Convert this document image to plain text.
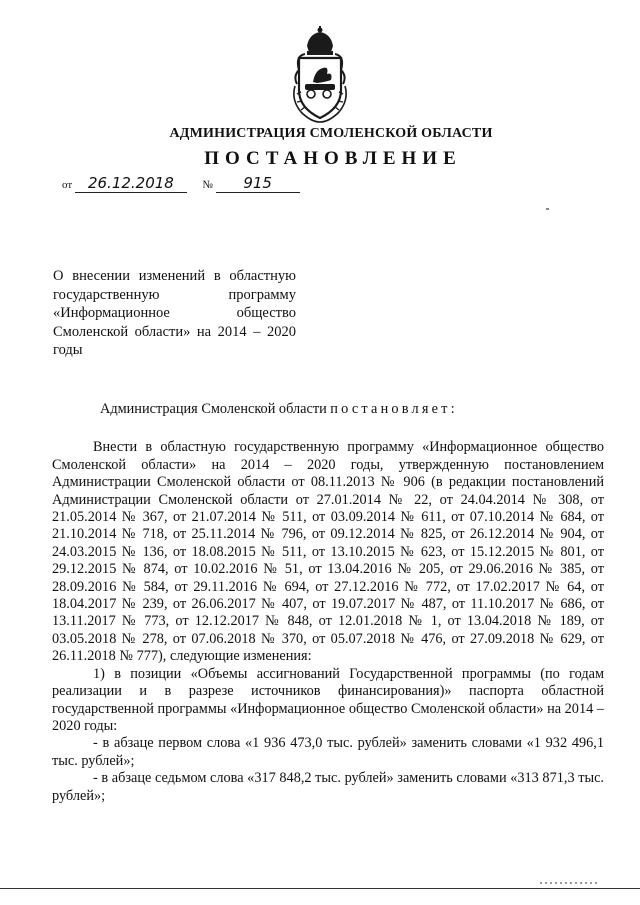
АДМИНИСТРАЦИЯ СМОЛЕНСКОЙ ОБЛАСТИ
ПОСТАНОВЛЕНИЕ
от 26.12.2018	№ 915

О внесении изменений в областную государственную программу «Информационное общество Смоленской области» на 2014 – 2020 годы

Администрация Смоленской области постановляет:

Внести в областную государственную программу «Информационное общество Смоленской области» на 2014 – 2020 годы, утвержденную постановлением Администрации Смоленской области от 08.11.2013 № 906 (в редакции постановлений Администрации Смоленской области от 27.01.2014 № 22, от 24.04.2014 № 308, от 21.05.2014 № 367, от 21.07.2014 № 511, от 03.09.2014 № 611, от 07.10.2014 № 684, от 21.10.2014 № 718, от 25.11.2014 № 796, от 09.12.2014 № 825, от 26.12.2014 № 904, от 24.03.2015 № 136, от 18.08.2015 № 511, от 13.10.2015 № 623, от 15.12.2015 № 801, от 29.12.2015 № 874, от 10.02.2016 № 51, от 13.04.2016 № 205, от 29.06.2016 № 385, от 28.09.2016 № 584, от 29.11.2016 № 694, от 27.12.2016 № 772, от 17.02.2017 № 64, от 18.04.2017 № 239, от 26.06.2017 № 407, от 19.07.2017 № 487, от 11.10.2017 № 686, от 13.11.2017 № 773, от 12.12.2017 № 848, от 12.01.2018 № 1, от 13.04.2018 № 189, от 03.05.2018 № 278, от 07.06.2018 № 370, от 05.07.2018 № 476, от 27.09.2018 № 629, от 26.11.2018 № 777), следующие изменения:

1) в позиции «Объемы ассигнований Государственной программы (по годам реализации и в разрезе источников финансирования)» паспорта областной государственной программы «Информационное общество Смоленской области» на 2014 – 2020 годы:

- в абзаце первом слова «1 936 473,0 тыс. рублей» заменить словами «1 932 496,1 тыс. рублей»;

- в абзаце седьмом слова «317 848,2 тыс. рублей» заменить словами «313 871,3 тыс. рублей»;
